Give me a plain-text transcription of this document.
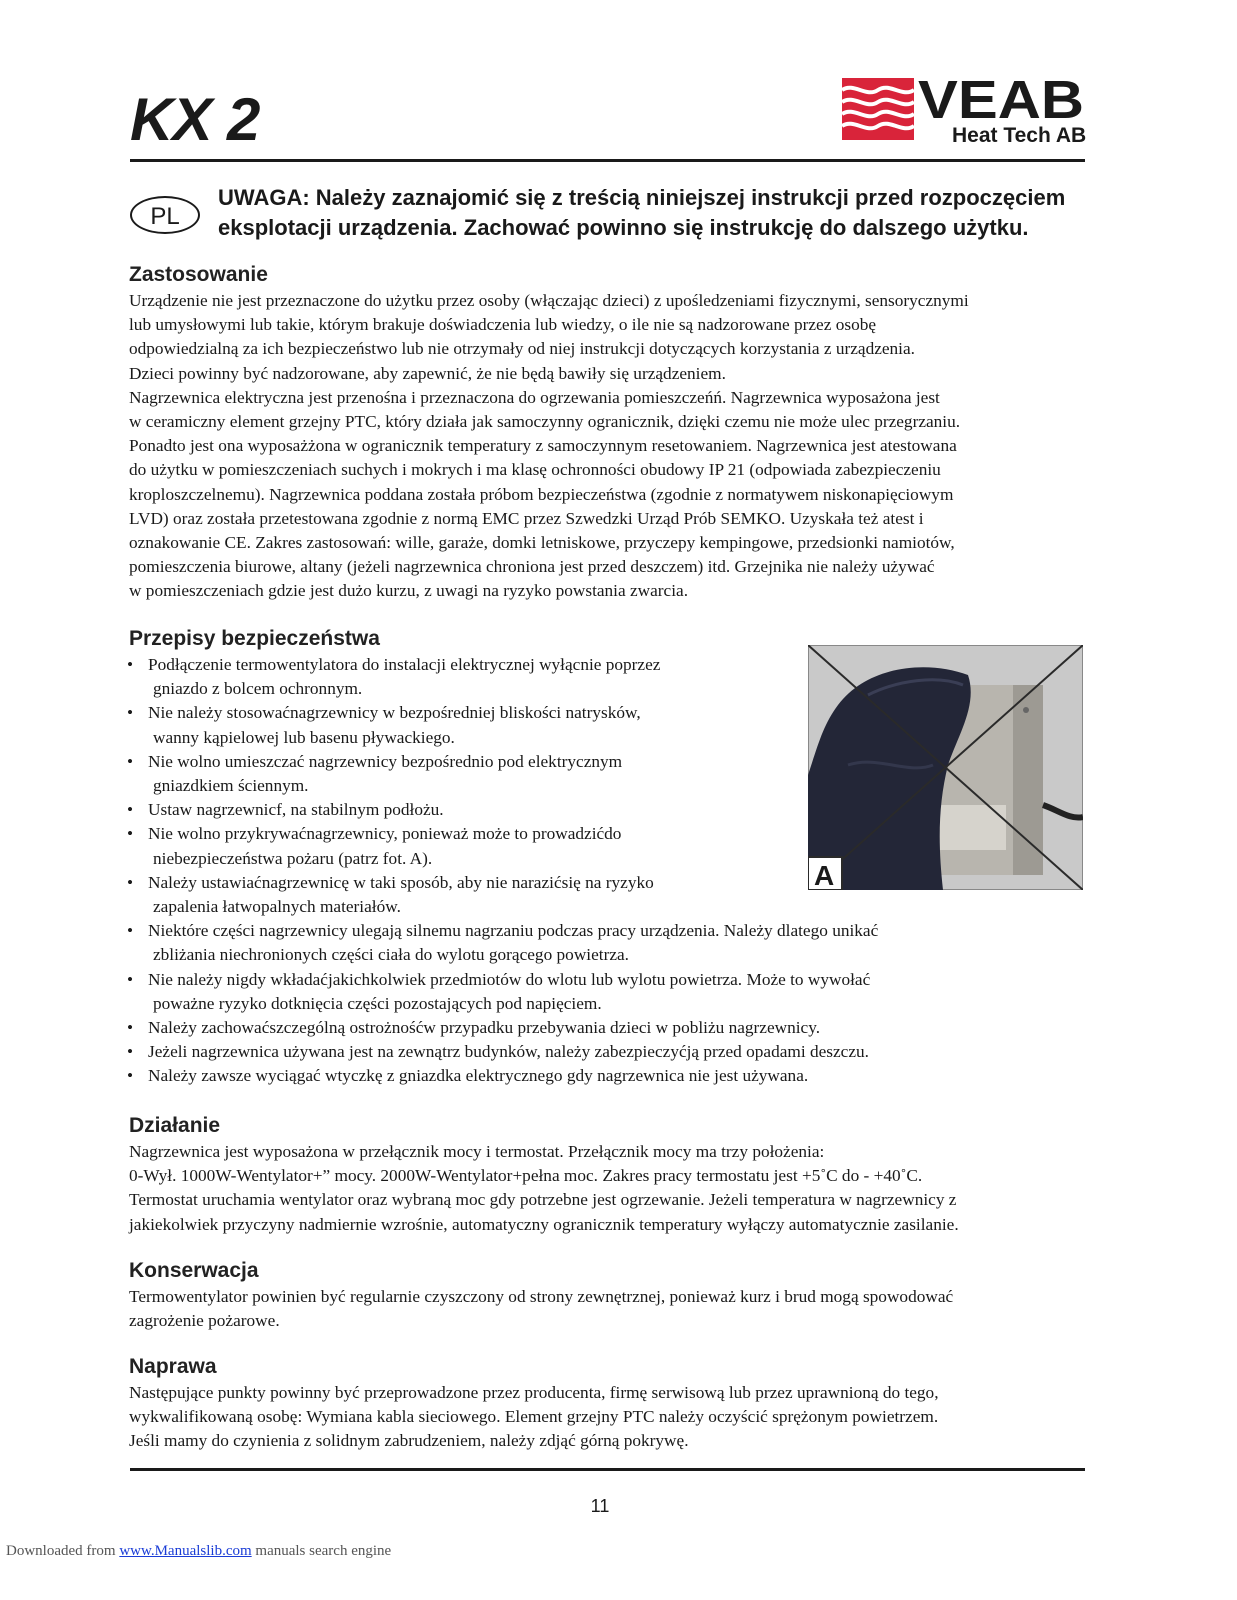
KX 2	VEAB
Heat Tech AB
PL
UWAGA: Należy zaznajomić się z treścią niniejszej instrukcji przed rozpoczęciem
eksplotacji urządzenia. Zachować powinno się instrukcję do dalszego użytku.
Zastosowanie
Urządzenie nie jest przeznaczone do użytku przez osoby (włączając dzieci) z upośledzeniami fizycznymi, sensorycznymi
lub umysłowymi lub takie, którym brakuje doświadczenia lub wiedzy, o ile nie są nadzorowane przez osobę
odpowiedzialną za ich bezpieczeństwo lub nie otrzymały od niej instrukcji dotyczących korzystania z urządzenia.
Dzieci powinny być nadzorowane, aby zapewnić, że nie będą bawiły się urządzeniem.
Nagrzewnica elektryczna jest przenośna i przeznaczona do ogrzewania pomieszczeńń. Nagrzewnica wyposażona jest
w ceramiczny element grzejny PTC, który działa jak samoczynny ogranicznik, dzięki czemu nie może ulec przegrzaniu.
Ponadto jest ona wyposażżona w ogranicznik temperatury z samoczynnym resetowaniem. Nagrzewnica jest atestowana
do użytku w pomieszczeniach suchych i mokrych i ma klasę ochronności obudowy IP 21 (odpowiada zabezpieczeniu
kroploszczelnemu). Nagrzewnica poddana została próbom bezpieczeństwa (zgodnie z normatywem niskonapięciowym
LVD) oraz została przetestowana zgodnie z normą EMC przez Szwedzki Urząd Prób SEMKO. Uzyskała też atest i
oznakowanie CE. Zakres zastosowań: wille, garaże, domki letniskowe, przyczepy kempingowe, przedsionki namiotów,
pomieszczenia biurowe, altany (jeżeli nagrzewnica chroniona jest przed deszczem) itd. Grzejnika nie należy używać
w pomieszczeniach gdzie jest dużo kurzu, z uwagi na ryzyko powstania zwarcia.
Przepisy bezpieczeństwa
• Podłączenie termowentylatora do instalacji elektrycznej wyłącnie poprzez
gniazdo z bolcem ochronnym.
• Nie należy stosowaćnagrzewnicy w bezpośredniej bliskości natrysków,
wanny kąpielowej lub basenu pływackiego.
• Nie wolno umieszczać nagrzewnicy bezpośrednio pod elektrycznym
gniazdkiem ściennym.
• Ustaw nagrzewnicf, na stabilnym podłożu.
• Nie wolno przykrywaćnagrzewnicy, ponieważ może to prowadzićdo
niebezpieczeństwa pożaru (patrz fot. A).
• Należy ustawiaćnagrzewnicę w taki sposób, aby nie narazićsię na ryzyko
zapalenia łatwopalnych materiałów.
• Niektóre części nagrzewnicy ulegają silnemu nagrzaniu podczas pracy urządzenia. Należy dlatego unikać
zbliżania niechronionych części ciała do wylotu gorącego powietrza.
• Nie należy nigdy wkładaćjakichkolwiek przedmiotów do wlotu lub wylotu powietrza. Może to wywołać
poważne ryzyko dotknięcia części pozostających pod napięciem.
• Należy zachowaćszczególną ostrożnośćw przypadku przebywania dzieci w pobliżu nagrzewnicy.
• Jeżeli nagrzewnica używana jest na zewnątrz budynków, należy zabezpieczyćją przed opadami deszczu.
• Należy zawsze wyciągać wtyczkę z gniazdka elektrycznego gdy nagrzewnica nie jest używana.
A
Działanie
Nagrzewnica jest wyposażona w przełącznik mocy i termostat. Przełącznik mocy ma trzy położenia:
0-Wył. 1000W-Wentylator+” mocy. 2000W-Wentylator+pełna moc. Zakres pracy termostatu jest +5˚C do - +40˚C.
Termostat uruchamia wentylator oraz wybraną moc gdy potrzebne jest ogrzewanie. Jeżeli temperatura w nagrzewnicy z
jakiekolwiek przyczyny nadmiernie wzrośnie, automatyczny ogranicznik temperatury wyłączy automatycznie zasilanie.
Konserwacja
Termowentylator powinien być regularnie czyszczony od strony zewnętrznej, ponieważ kurz i brud mogą spowodować
zagrożenie pożarowe.
Naprawa
Następujące punkty powinny być przeprowadzone przez producenta, firmę serwisową lub przez uprawnioną do tego,
wykwalifikowaną osobę: Wymiana kabla sieciowego. Element grzejny PTC należy oczyścić sprężonym powietrzem.
Jeśli mamy do czynienia z solidnym zabrudzeniem, należy zdjąć górną pokrywę.
11
Downloaded from www.Manualslib.com manuals search engine
